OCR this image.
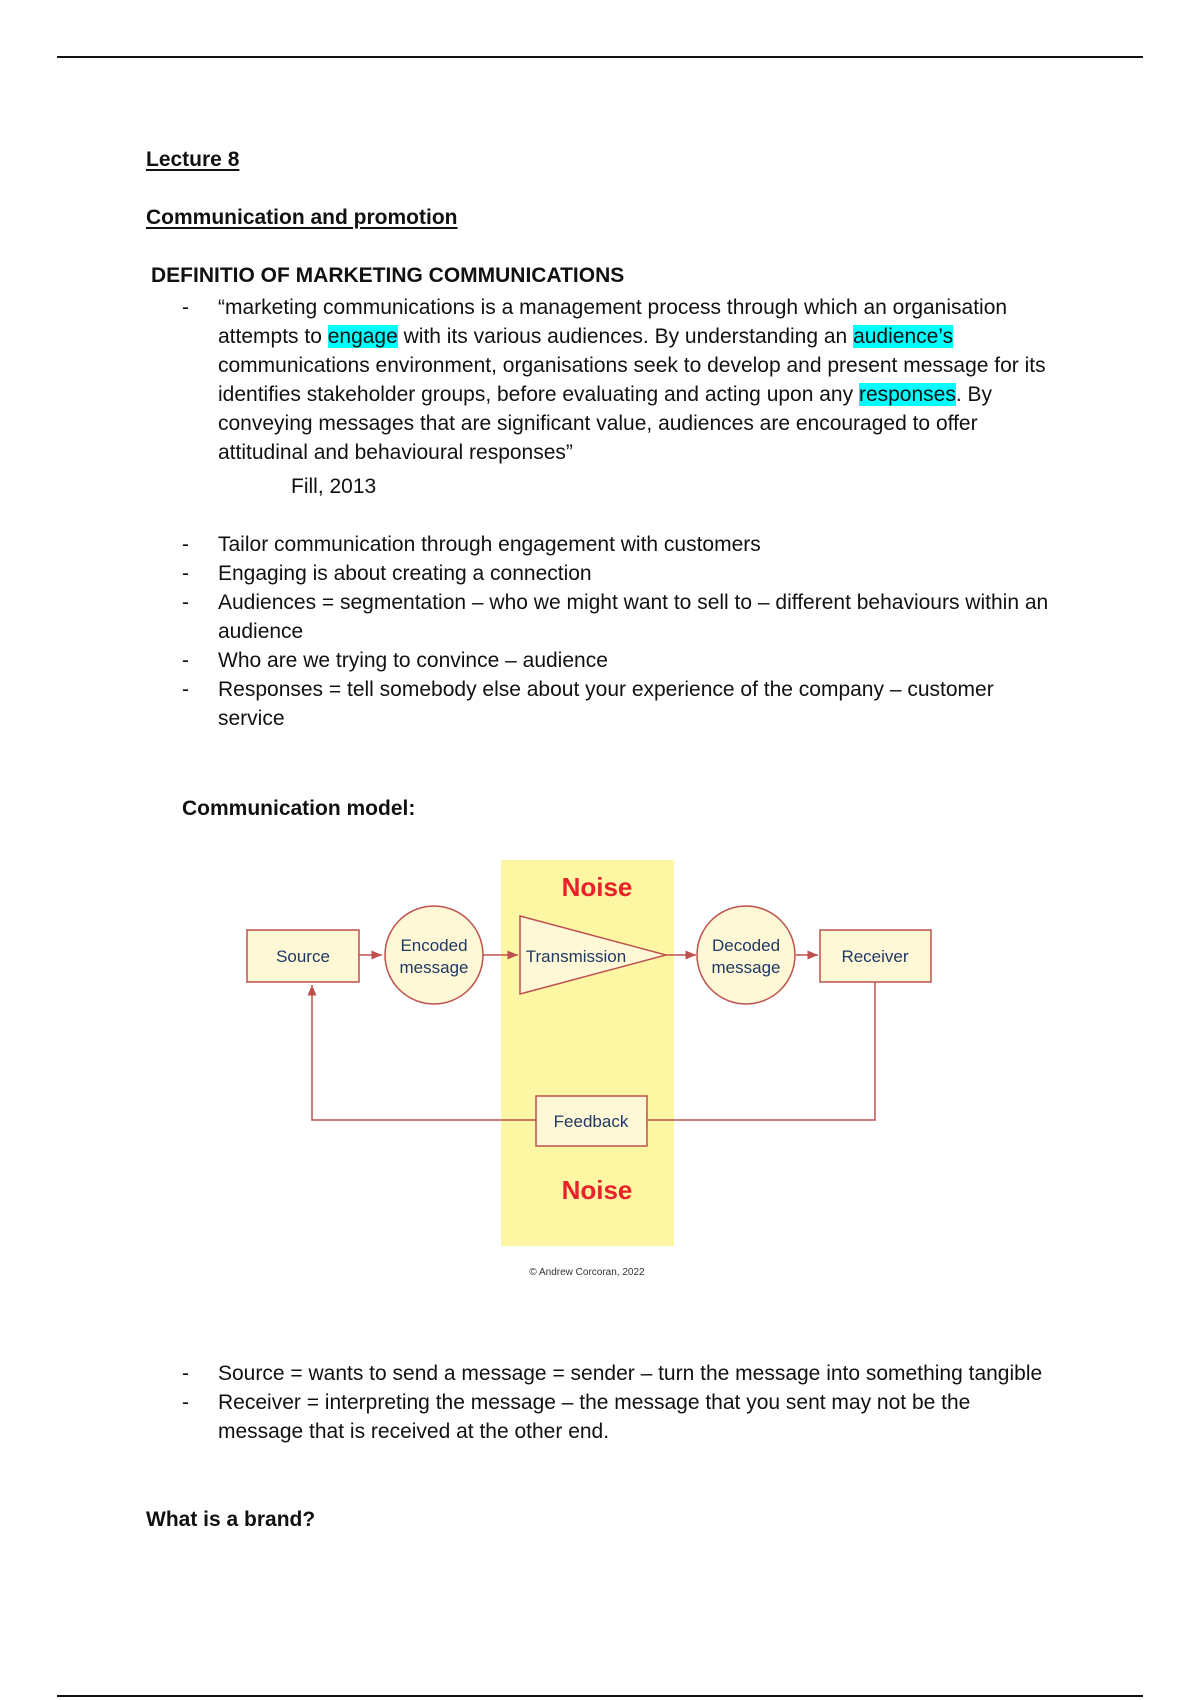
Lecture 8
Communication and promotion
DEFINITIO OF MARKETING COMMUNICATIONS
- “marketing communications is a management process through which an organisation attempts to engage with its various audiences. By understanding an audience’s communications environment, organisations seek to develop and present message for its identifies stakeholder groups, before evaluating and acting upon any responses. By conveying messages that are significant value, audiences are encouraged to offer attitudinal and behavioural responses”
Fill, 2013
- Tailor communication through engagement with customers
- Engaging is about creating a connection
- Audiences = segmentation – who we might want to sell to – different behaviours within an audience
- Who are we trying to convince – audience
- Responses = tell somebody else about your experience of the company – customer service
Communication model:
Noise
Noise
Source
Encoded
message
Transmission
Decoded
message
Receiver
Feedback
© Andrew Corcoran, 2022
- Source = wants to send a message = sender – turn the message into something tangible
- Receiver = interpreting the message – the message that you sent may not be the message that is received at the other end.
What is a brand?
